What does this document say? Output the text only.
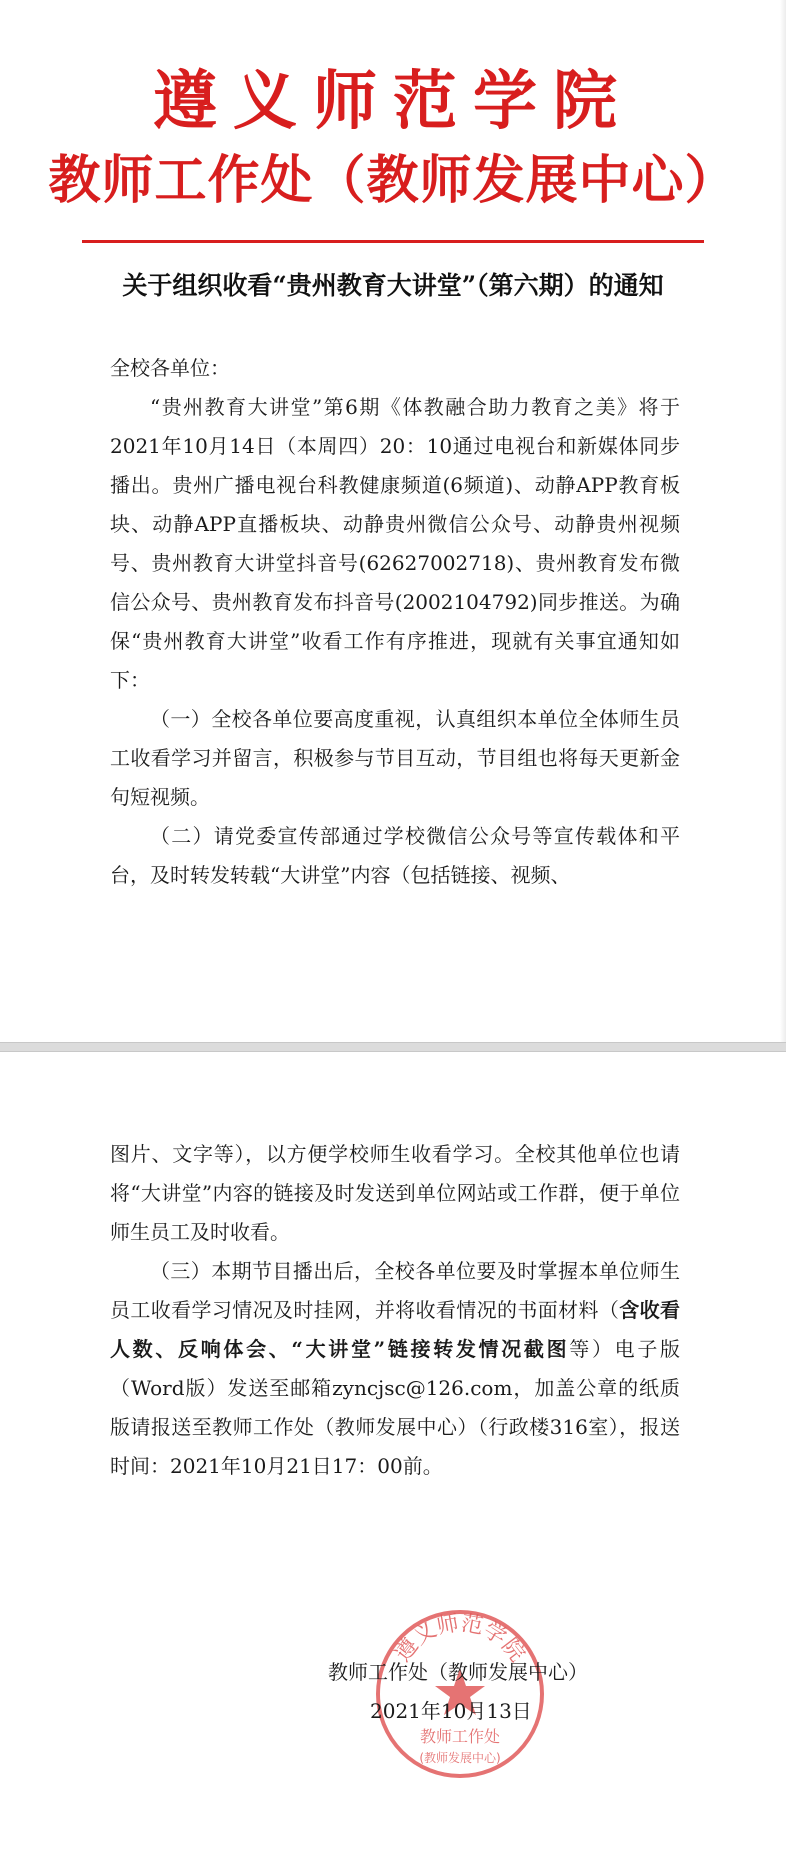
遵义师范学院
教师工作处（教师发展中心）
关于组织收看“贵州教育大讲堂”（第六期）的通知

全校各单位：

“贵州教育大讲堂”第6期《体教融合助力教育之美》将于2021年10月14日（本周四）20：10通过电视台和新媒体同步播出。贵州广播电视台科教健康频道(6频道)、动静APP教育板块、动静APP直播板块、动静贵州微信公众号、动静贵州视频号、贵州教育大讲堂抖音号(62627002718)、贵州教育发布微信公众号、贵州教育发布抖音号(2002104792)同步推送。为确保“贵州教育大讲堂”收看工作有序推进，现就有关事宜通知如下：

（一）全校各单位要高度重视，认真组织本单位全体师生员工收看学习并留言，积极参与节目互动，节目组也将每天更新金句短视频。

（二）请党委宣传部通过学校微信公众号等宣传载体和平台，及时转发转载“大讲堂”内容（包括链接、视频、

图片、文字等），以方便学校师生收看学习。全校其他单位也请将“大讲堂”内容的链接及时发送到单位网站或工作群，便于单位师生员工及时收看。

（三）本期节目播出后，全校各单位要及时掌握本单位师生员工收看学习情况及时挂网，并将收看情况的书面材料（含收看人数、反响体会、“大讲堂”链接转发情况截图等）电子版（Word版）发送至邮箱zyncjsc@126.com，加盖公章的纸质版请报送至教师工作处（教师发展中心）（行政楼316室），报送时间：2021年10月21日17：00前。

遵义师范学院
教师工作处
(教师发展中心)
教师工作处（教师发展中心）
2021年10月13日
